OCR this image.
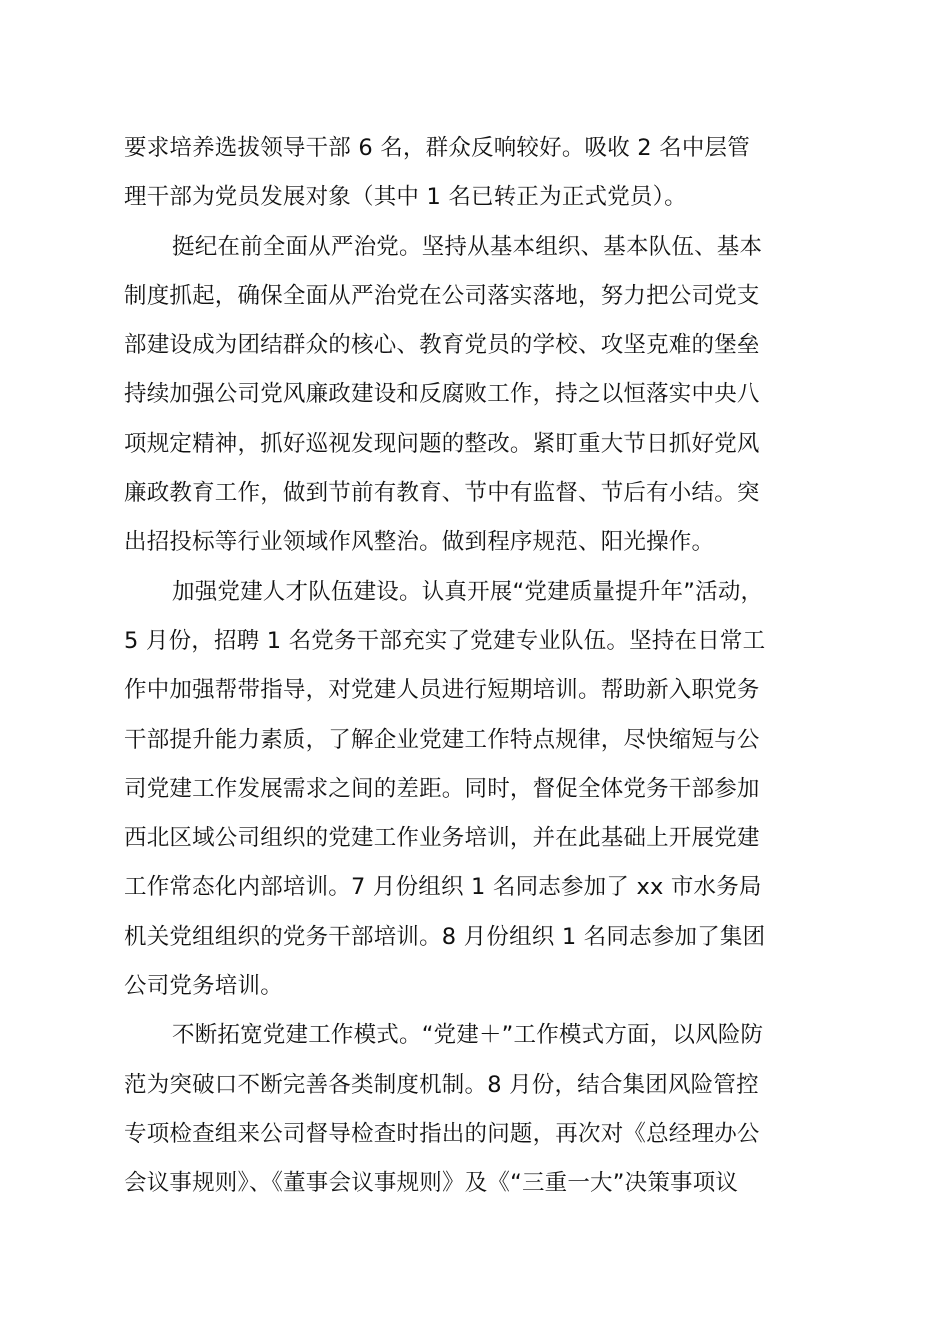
要求培养选拔领导干部 6 名，群众反响较好。吸收 2 名中层管
理干部为党员发展对象（其中 1 名已转正为正式党员）。
挺纪在前全面从严治党。坚持从基本组织、基本队伍、基本
制度抓起，确保全面从严治党在公司落实落地，努力把公司党支
部建设成为团结群众的核心、教育党员的学校、攻坚克难的堡垒
持续加强公司党风廉政建设和反腐败工作，持之以恒落实中央八
项规定精神，抓好巡视发现问题的整改。紧盯重大节日抓好党风
廉政教育工作，做到节前有教育、节中有监督、节后有小结。突
出招投标等行业领域作风整治。做到程序规范、阳光操作。
加强党建人才队伍建设。认真开展“党建质量提升年”活动，
5 月份，招聘 1 名党务干部充实了党建专业队伍。坚持在日常工
作中加强帮带指导，对党建人员进行短期培训。帮助新入职党务
干部提升能力素质，了解企业党建工作特点规律，尽快缩短与公
司党建工作发展需求之间的差距。同时，督促全体党务干部参加
西北区域公司组织的党建工作业务培训，并在此基础上开展党建
工作常态化内部培训。7 月份组织 1 名同志参加了 xx 市水务局
机关党组组织的党务干部培训。8 月份组织 1 名同志参加了集团
公司党务培训。
不断拓宽党建工作模式。“党建＋”工作模式方面，以风险防
范为突破口不断完善各类制度机制。8 月份，结合集团风险管控
专项检查组来公司督导检查时指出的问题，再次对《总经理办公
会议事规则》、《董事会议事规则》及《“三重一大”决策事项议
